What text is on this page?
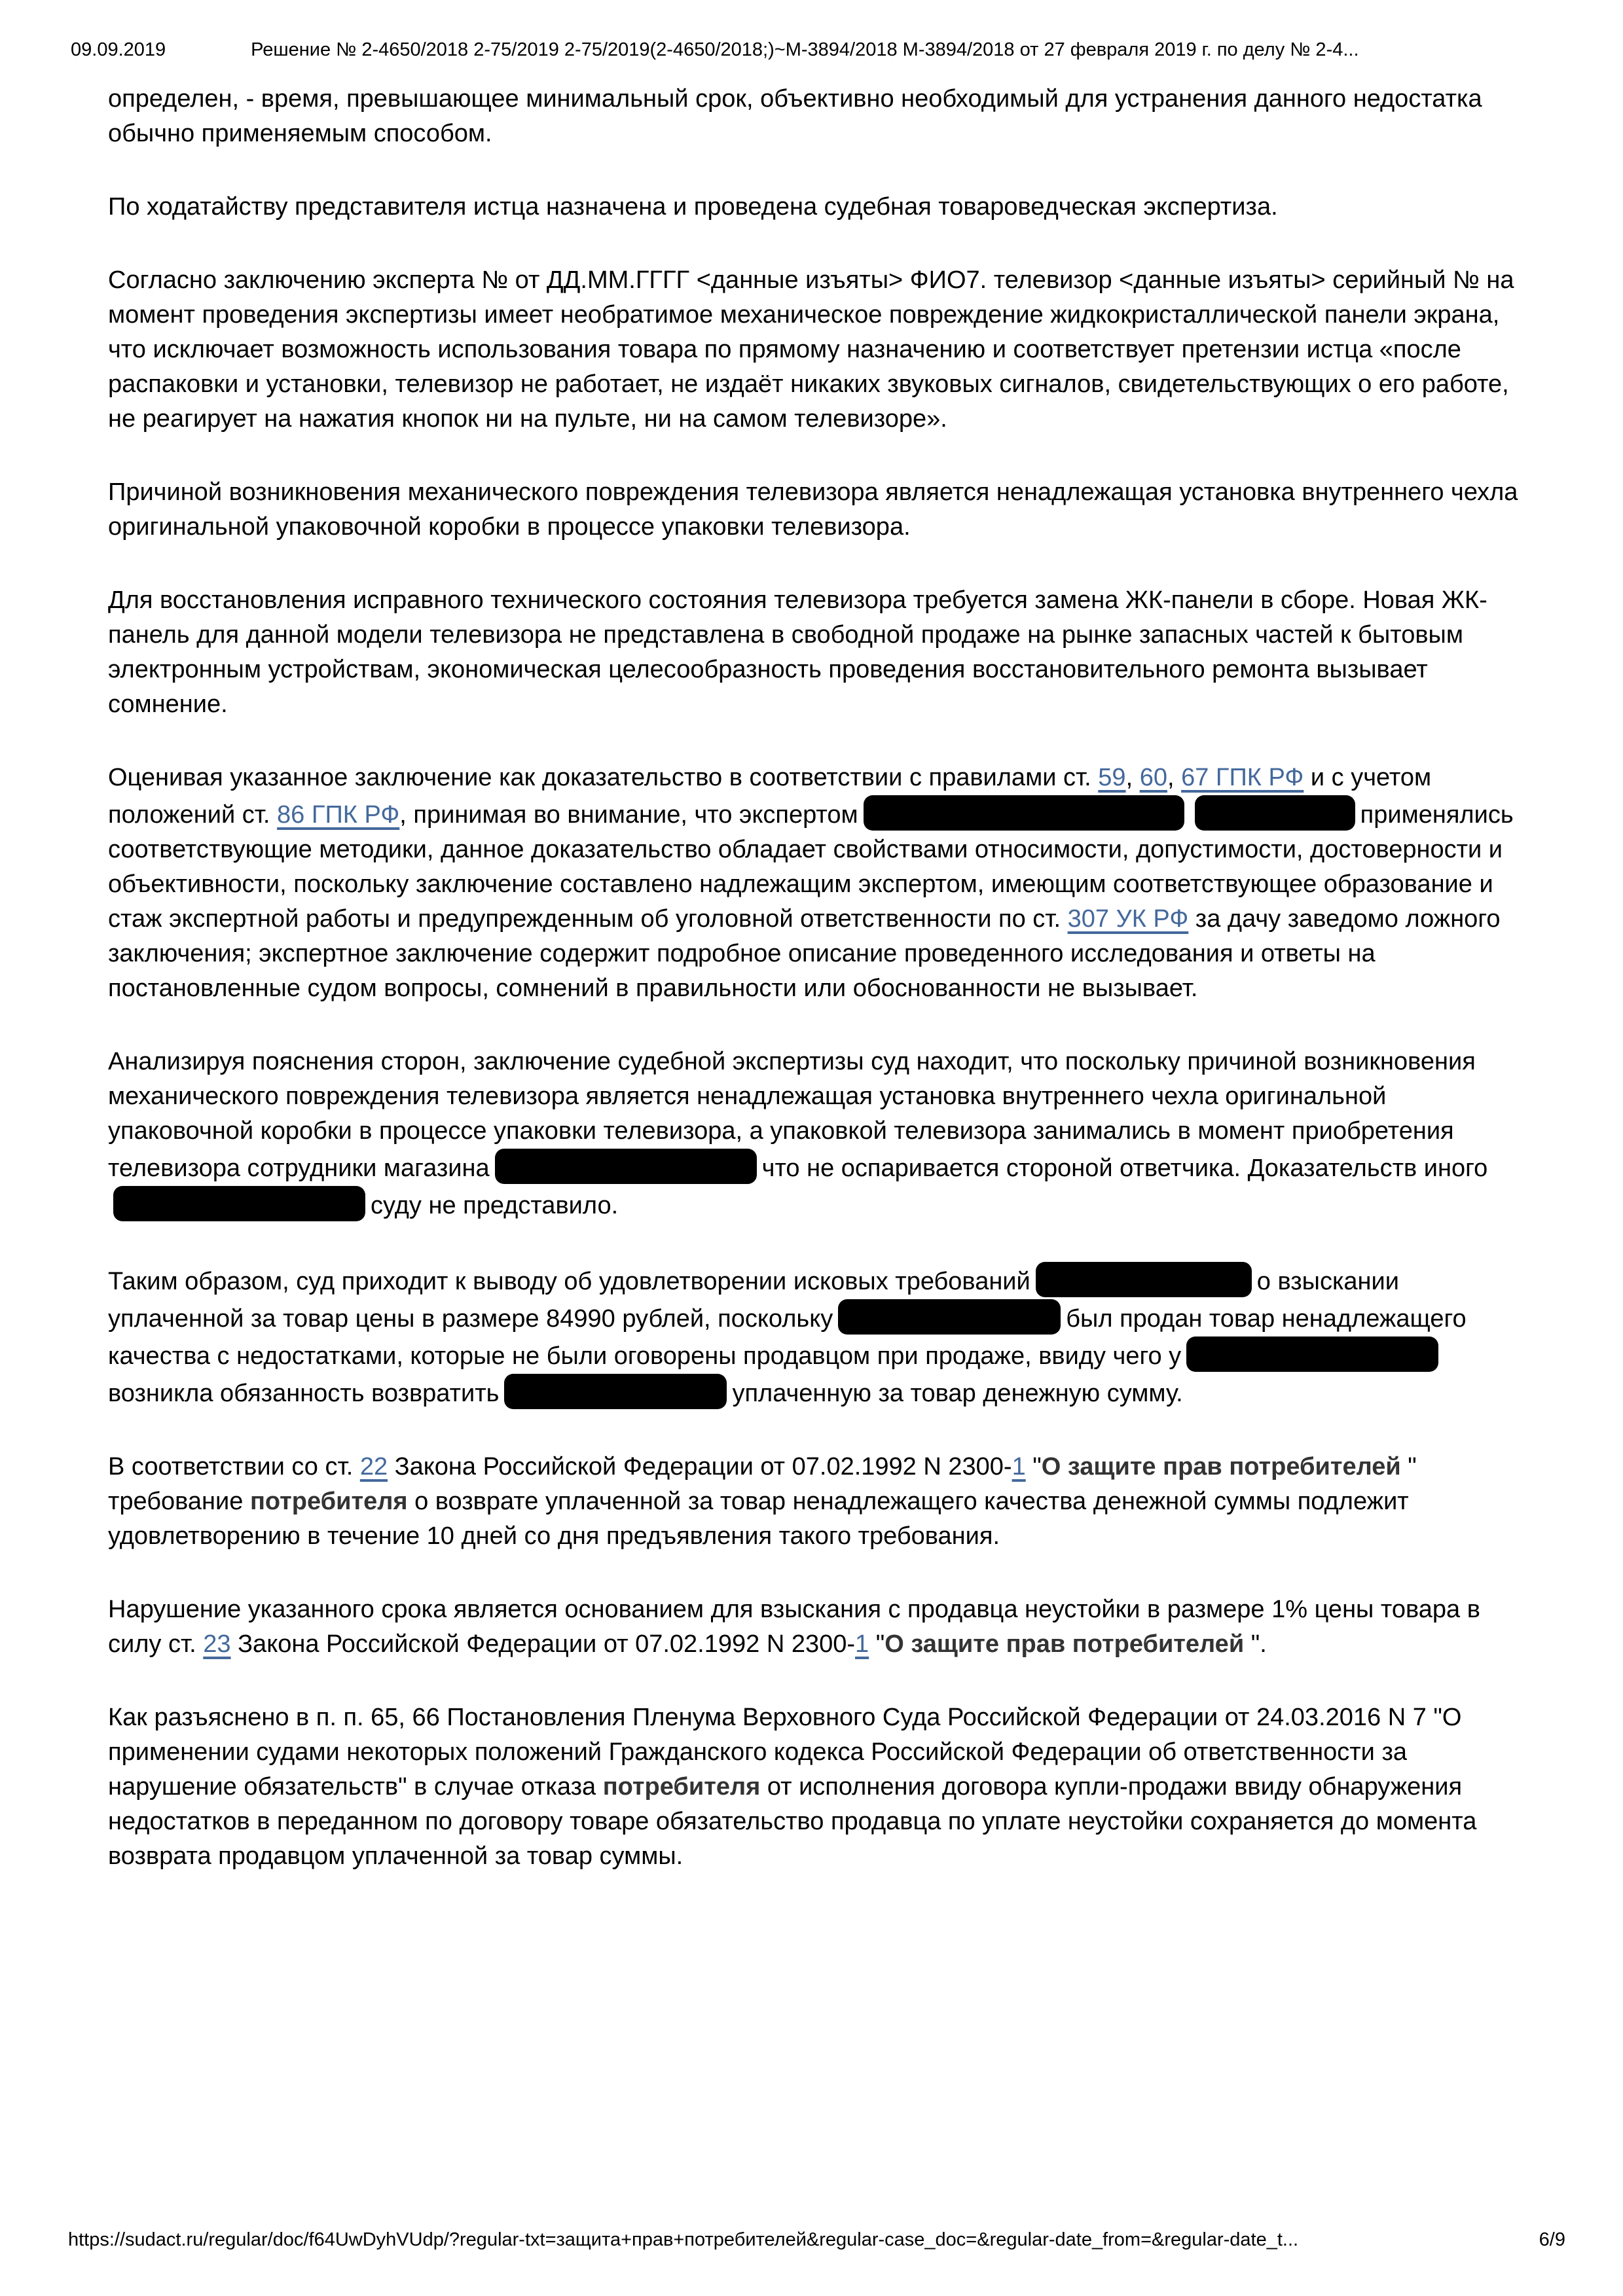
09.09.2019	Решение № 2-4650/2018 2-75/2019 2-75/2019(2-4650/2018;)~М-3894/2018 М-3894/2018 от 27 февраля 2019 г. по делу № 2-4...

определен, - время, превышающее минимальный срок, объективно необходимый для устранения данного недостатка обычно применяемым способом.

По ходатайству представителя истца назначена и проведена судебная товароведческая экспертиза.

Согласно заключению эксперта № от ДД.ММ.ГГГГ <данные изъяты> ФИО7. телевизор <данные изъяты> серийный № на момент проведения экспертизы имеет необратимое механическое повреждение жидкокристаллической панели экрана, что исключает возможность использования товара по прямому назначению и соответствует претензии истца «после распаковки и установки, телевизор не работает, не издаёт никаких звуковых сигналов, свидетельствующих о его работе, не реагирует на нажатия кнопок ни на пульте, ни на самом телевизоре».

Причиной возникновения механического повреждения телевизора является ненадлежащая установка внутреннего чехла оригинальной упаковочной коробки в процессе упаковки телевизора.

Для восстановления исправного технического состояния телевизора требуется замена ЖК-панели в сборе. Новая ЖК-панель для данной модели телевизора не представлена в свободной продаже на рынке запасных частей к бытовым электронным устройствам, экономическая целесообразность проведения восстановительного ремонта вызывает сомнение.

Оценивая указанное заключение как доказательство в соответствии с правилами ст. 59, 60, 67 ГПК РФ и с учетом положений ст. 86 ГПК РФ, принимая во внимание, что экспертом	применялись соответствующие методики, данное доказательство обладает свойствами относимости, допустимости, достоверности и объективности, поскольку заключение составлено надлежащим экспертом, имеющим соответствующее образование и стаж экспертной работы и предупрежденным об уголовной ответственности по ст. 307 УК РФ за дачу заведомо ложного заключения; экспертное заключение содержит подробное описание проведенного исследования и ответы на постановленные судом вопросы, сомнений в правильности или обоснованности не вызывает.

Анализируя пояснения сторон, заключение судебной экспертизы суд находит, что поскольку причиной возникновения механического повреждения телевизора является ненадлежащая установка внутреннего чехла оригинальной упаковочной коробки в процессе упаковки телевизора, а упаковкой телевизора занимались в момент приобретения телевизора сотрудники магазина	что не оспаривается стороной ответчика. Доказательств иногосуду не представило.

Таким образом, суд приходит к выводу об удовлетворении исковых требований	о взыскании уплаченной за товар цены в размере 84990 рублей, поскольку	был продан товар ненадлежащего качества с недостатками, которые не были оговорены продавцом при продаже, ввиду чего увозникла обязанность возвратить	уплаченную за товар денежную сумму.

В соответствии со ст. 22 Закона Российской Федерации от 07.02.1992 N 2300-1 "О защите прав потребителей " требование потребителя о возврате уплаченной за товар ненадлежащего качества денежной суммы подлежит удовлетворению в течение 10 дней со дня предъявления такого требования.

Нарушение указанного срока является основанием для взыскания с продавца неустойки в размере 1% цены товара в силу ст. 23 Закона Российской Федерации от 07.02.1992 N 2300-1 "О защите прав потребителей ".

Как разъяснено в п. п. 65, 66 Постановления Пленума Верховного Суда Российской Федерации от 24.03.2016 N 7 "О применении судами некоторых положений Гражданского кодекса Российской Федерации об ответственности за нарушение обязательств" в случае отказа потребителя от исполнения договора купли-продажи ввиду обнаружения недостатков в переданном по договору товаре обязательство продавца по уплате неустойки сохраняется до момента возврата продавцом уплаченной за товар суммы.

https://sudact.ru/regular/doc/f64UwDyhVUdp/?regular-txt=защита+прав+потребителей&regular-case_doc=&regular-date_from=&regular-date_t...	6/9
